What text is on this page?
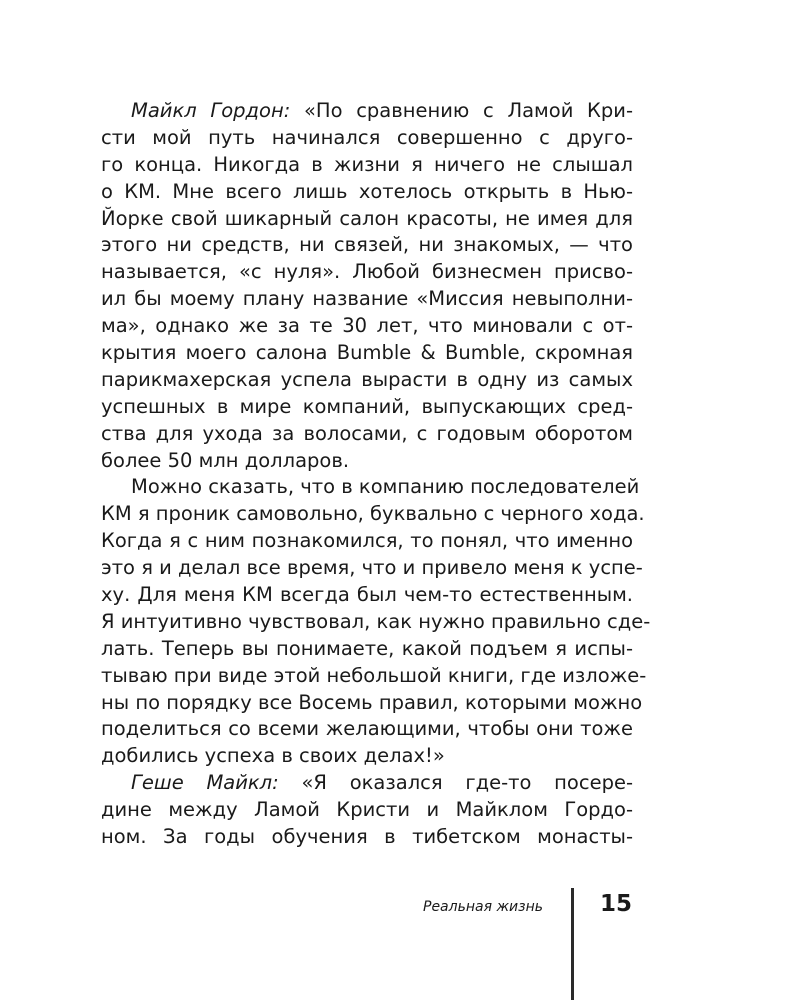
Майкл Гордон: «По сравнению с Ламой Кри-
сти мой путь начинался совершенно с друго-
го конца. Никогда в жизни я ничего не слышал
о КМ. Мне всего лишь хотелось открыть в Нью-
Йорке свой шикарный салон красоты, не имея для
этого ни средств, ни связей, ни знакомых, — что
называется, «с нуля». Любой бизнесмен присво-
ил бы моему плану название «Миссия невыполни-
ма», однако же за те 30 лет, что миновали с от-
крытия моего салона Bumble & Bumble, скромная
парикмахерская успела вырасти в одну из самых
успешных в мире компаний, выпускающих сред-
ства для ухода за волосами, с годовым оборотом
более 50 млн долларов.
Можно сказать, что в компанию последователей
КМ я проник самовольно, буквально с черного хода.
Когда я с ним познакомился, то понял, что именно
это я и делал все время, что и привело меня к успе-
ху. Для меня КМ всегда был чем-то естественным.
Я интуитивно чувствовал, как нужно правильно сде-
лать. Теперь вы понимаете, какой подъем я испы-
тываю при виде этой небольшой книги, где изложе-
ны по порядку все Восемь правил, которыми можно
поделиться со всеми желающими, чтобы они тоже
добились успеха в своих делах!»
Геше Майкл: «Я оказался где-то посере-
дине между Ламой Кристи и Майклом Гордо-
ном. За годы обучения в тибетском монасты-
Реальная жизнь 15
